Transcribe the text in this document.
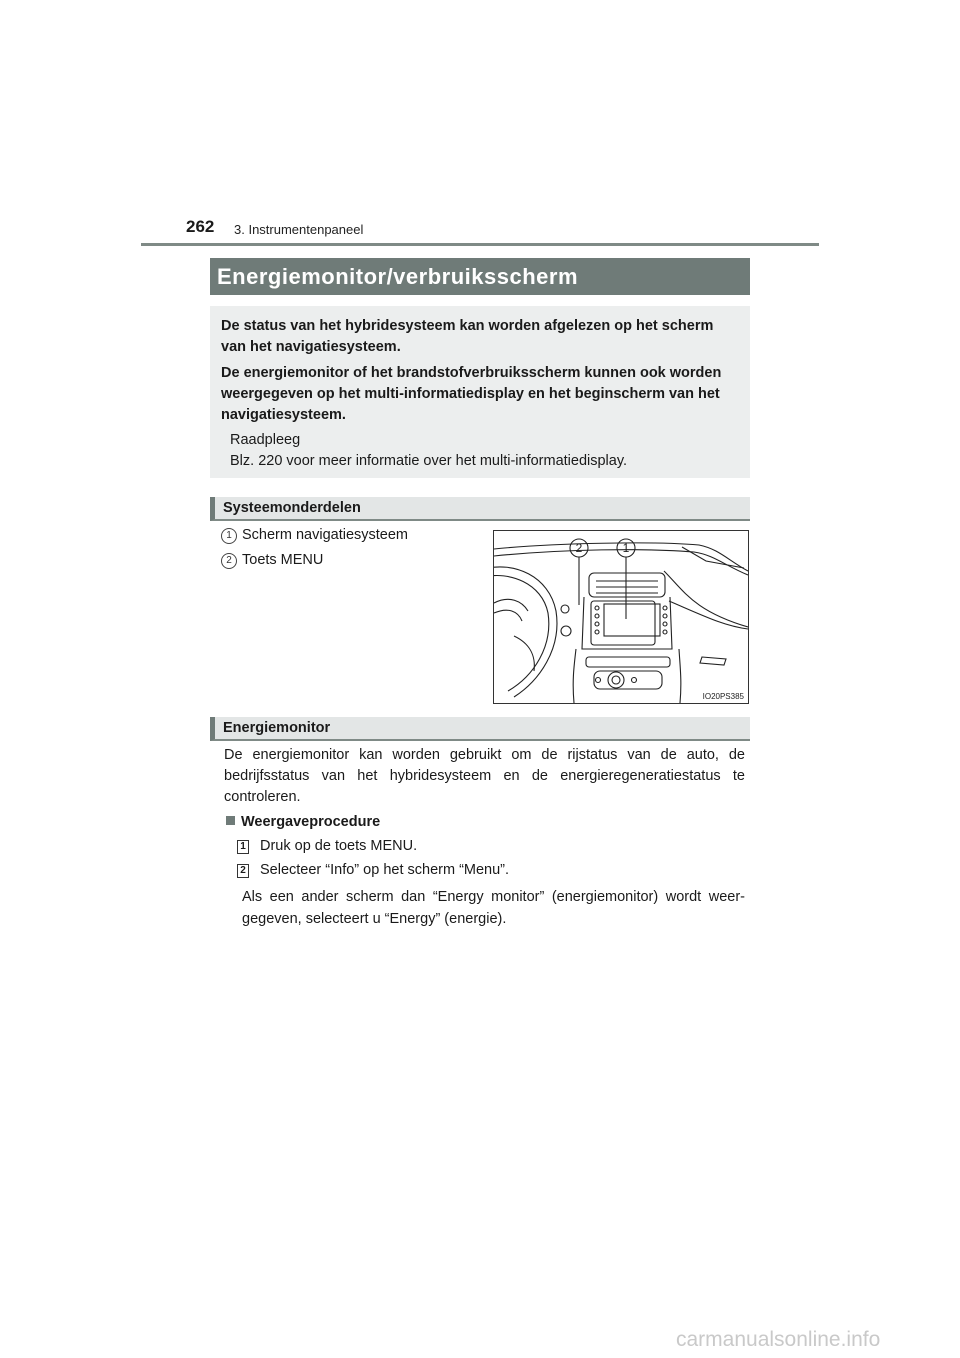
262 3. Instrumentenpaneel
Energiemonitor/verbruiksscherm

De status van het hybridesysteem kan worden afgelezen op het scherm van het navigatiesysteem.

De energiemonitor of het brandstofverbruiksscherm kunnen ook worden weergegeven op het multi-informatiedisplay en het beginscherm van het navigatiesysteem.

Raadpleeg

Blz. 220 voor meer informatie over het multi-informatiedisplay.

Systeemonderdelen
1 Scherm navigatiesysteem
2 Toets MENU
2	1
IO20PS385
Energiemonitor
De energiemonitor kan worden gebruikt om de rijstatus van de auto, de bedrijfsstatus van het hybridesysteem en de energieregeneratiestatus te controleren.
Weergaveprocedure
1 Druk op de toets MENU.
2 Selecteer “Info” op het scherm “Menu”.
Als een ander scherm dan “Energy monitor” (energiemonitor) wordt weer-gegeven, selecteert u “Energy” (energie).
carmanualsonline.info
